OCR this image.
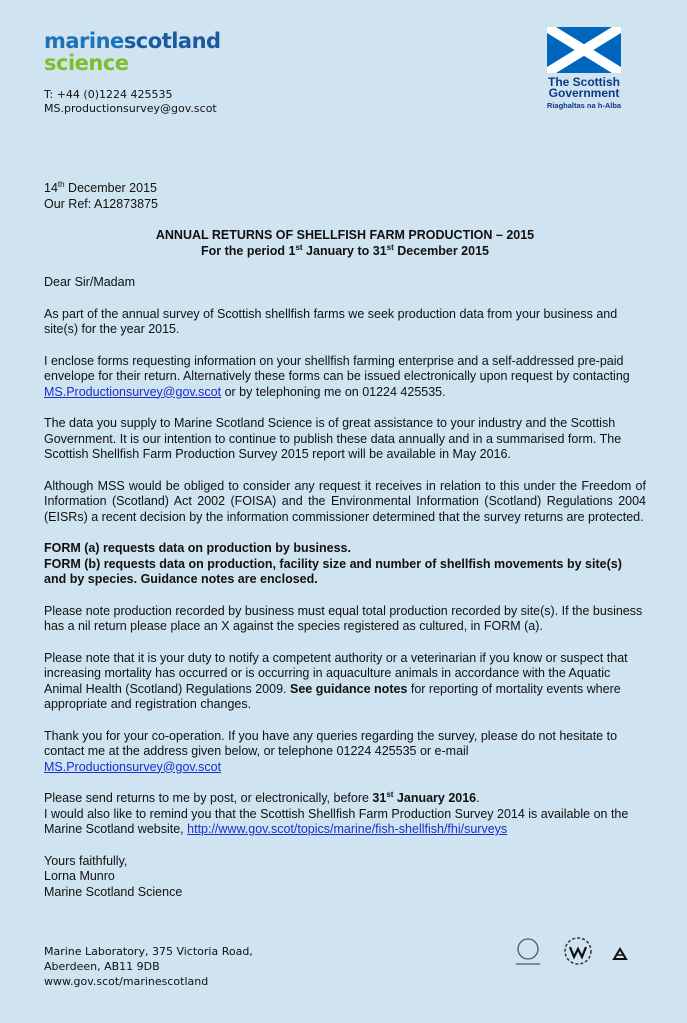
marinescotland
science
T: +44 (0)1224 425535
MS.productionsurvey@gov.scot
The Scottish
Government
Riaghaltas na h-Alba

14th December 2015
Our Ref: A12873875

ANNUAL RETURNS OF SHELLFISH FARM PRODUCTION – 2015
For the period 1st January to 31st December 2015

Dear Sir/Madam

As part of the annual survey of Scottish shellfish farms we seek production data from your business and site(s) for the year 2015.

I enclose forms requesting information on your shellfish farming enterprise and a self-addressed pre-paid envelope for their return. Alternatively these forms can be issued electronically upon request by contacting MS.Productionsurvey@gov.scot or by telephoning me on 01224 425535.

The data you supply to Marine Scotland Science is of great assistance to your industry and the Scottish Government. It is our intention to continue to publish these data annually and in a summarised form. The Scottish Shellfish Farm Production Survey 2015 report will be available in May 2016.

Although MSS would be obliged to consider any request it receives in relation to this under the Freedom of Information (Scotland) Act 2002 (FOISA) and the Environmental Information (Scotland) Regulations 2004 (EISRs) a recent decision by the information commissioner determined that the survey returns are protected.

FORM (a) requests data on production by business.
FORM (b) requests data on production, facility size and number of shellfish movements by site(s) and by species. Guidance notes are enclosed.

Please note production recorded by business must equal total production recorded by site(s). If the business has a nil return please place an X against the species registered as cultured, in FORM (a).

Please note that it is your duty to notify a competent authority or a veterinarian if you know or suspect that increasing mortality has occurred or is occurring in aquaculture animals in accordance with the Aquatic Animal Health (Scotland) Regulations 2009. See guidance notes for reporting of mortality events where appropriate and registration changes.

Thank you for your co-operation. If you have any queries regarding the survey, please do not hesitate to contact me at the address given below, or telephone 01224 425535 or e-mail
MS.Productionsurvey@gov.scot

Please send returns to me by post, or electronically, before 31st January 2016.
I would also like to remind you that the Scottish Shellfish Farm Production Survey 2014 is available on the Marine Scotland website, http://www.gov.scot/topics/marine/fish-shellfish/fhi/surveys

Yours faithfully,
Lorna Munro
Marine Scotland Science

Marine Laboratory, 375 Victoria Road,
Aberdeen, AB11 9DB
www.gov.scot/marinescotland
